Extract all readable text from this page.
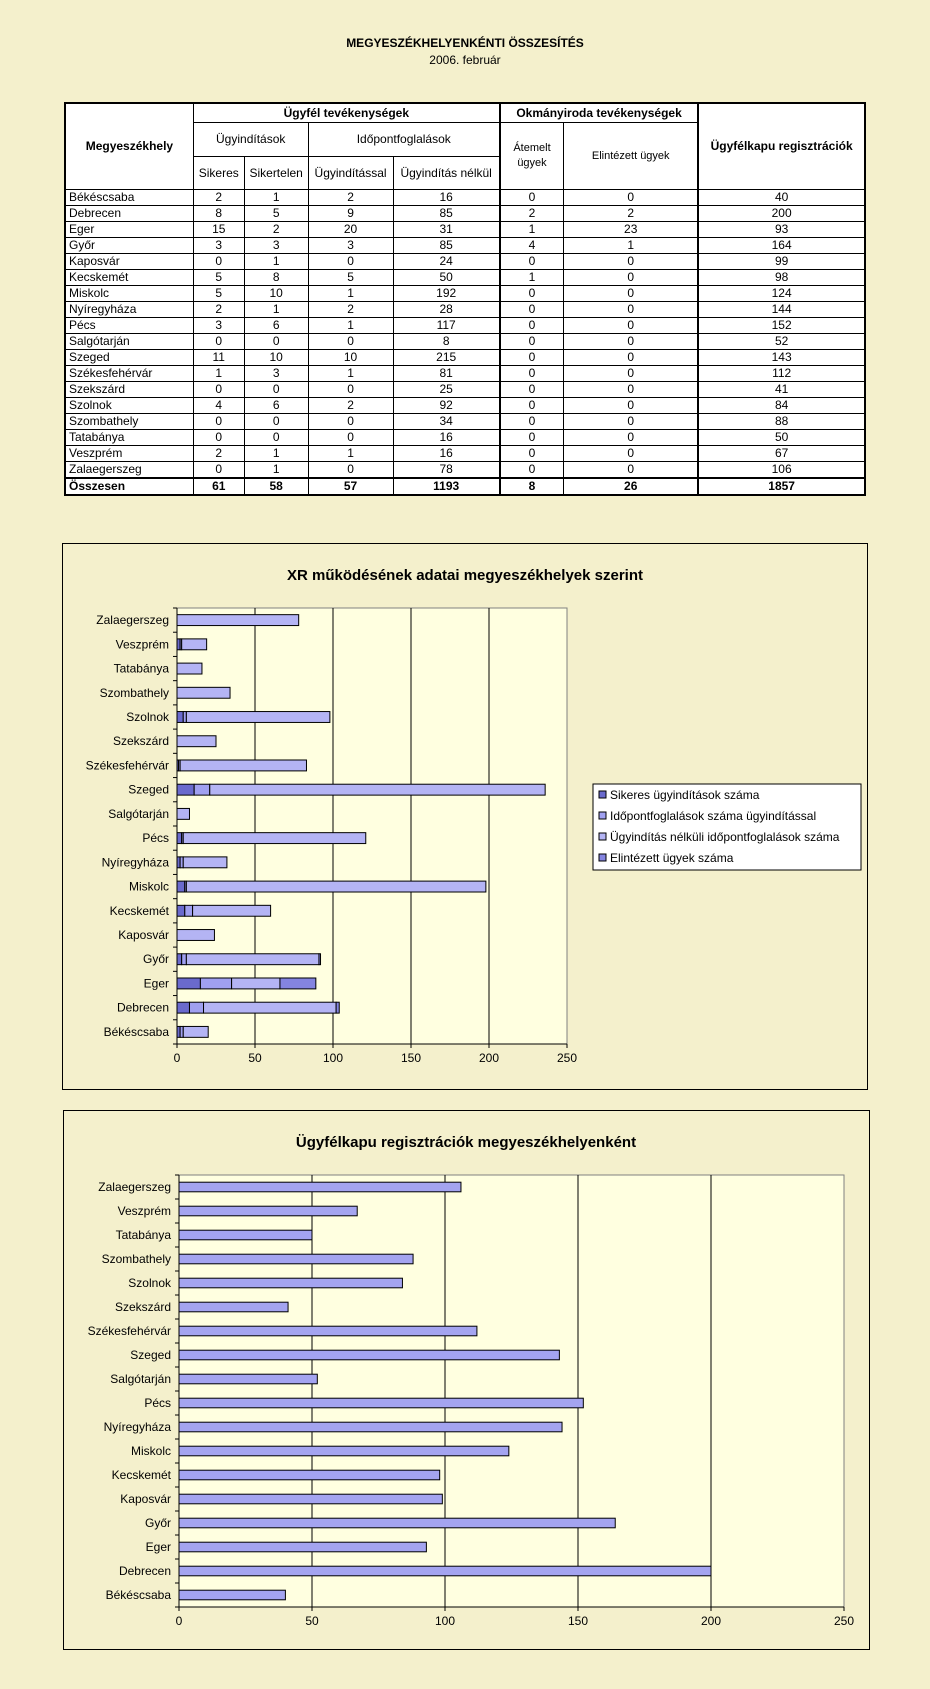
MEGYESZÉKHELYENKÉNTI ÖSSZESÍTÉS
2006. február
Megyeszékhely	Ügyfél tevékenységek				Okmányiroda tevékenységek		Ügyfélkapu regisztrációk
	Ügyindítások		Időpontfoglalások		Átemelt ügyek	Elintézett ügyek	
	Sikeres	Sikertelen	Ügyindítással	Ügyindítás nélkül			
Békéscsaba	2	1	2	16	0	0	40
Debrecen	8	5	9	85	2	2	200
Eger	15	2	20	31	1	23	93
Győr	3	3	3	85	4	1	164
Kaposvár	0	1	0	24	0	0	99
Kecskemét	5	8	5	50	1	0	98
Miskolc	5	10	1	192	0	0	124
Nyíregyháza	2	1	2	28	0	0	144
Pécs	3	6	1	117	0	0	152
Salgótarján	0	0	0	8	0	0	52
Szeged	11	10	10	215	0	0	143
Székesfehérvár	1	3	1	81	0	0	112
Szekszárd	0	0	0	25	0	0	41
Szolnok	4	6	2	92	0	0	84
Szombathely	0	0	0	34	0	0	88
Tatabánya	0	0	0	16	0	0	50
Veszprém	2	1	1	16	0	0	67
Zalaegerszeg	0	1	0	78	0	0	106
Összesen	61	58	57	1193	8	26	1857
XR működésének adatai megyeszékhelyek szerint
0	50	100	150	200	250
Zalaegerszeg
Veszprém
Tatabánya
Szombathely
Szolnok
Szekszárd
Székesfehérvár
Szeged
Salgótarján
Pécs
Nyíregyháza
Miskolc
Kecskemét
Kaposvár
Győr
Eger
Debrecen
Békéscsaba
Sikeres ügyindítások száma
Időpontfoglalások száma ügyindítással
Ügyindítás nélküli időpontfoglalások száma
Elintézett ügyek száma
Ügyfélkapu regisztrációk megyeszékhelyenként
0	50	100	150	200	250
Zalaegerszeg
Veszprém
Tatabánya
Szombathely
Szolnok
Szekszárd
Székesfehérvár
Szeged
Salgótarján
Pécs
Nyíregyháza
Miskolc
Kecskemét
Kaposvár
Győr
Eger
Debrecen
Békéscsaba
